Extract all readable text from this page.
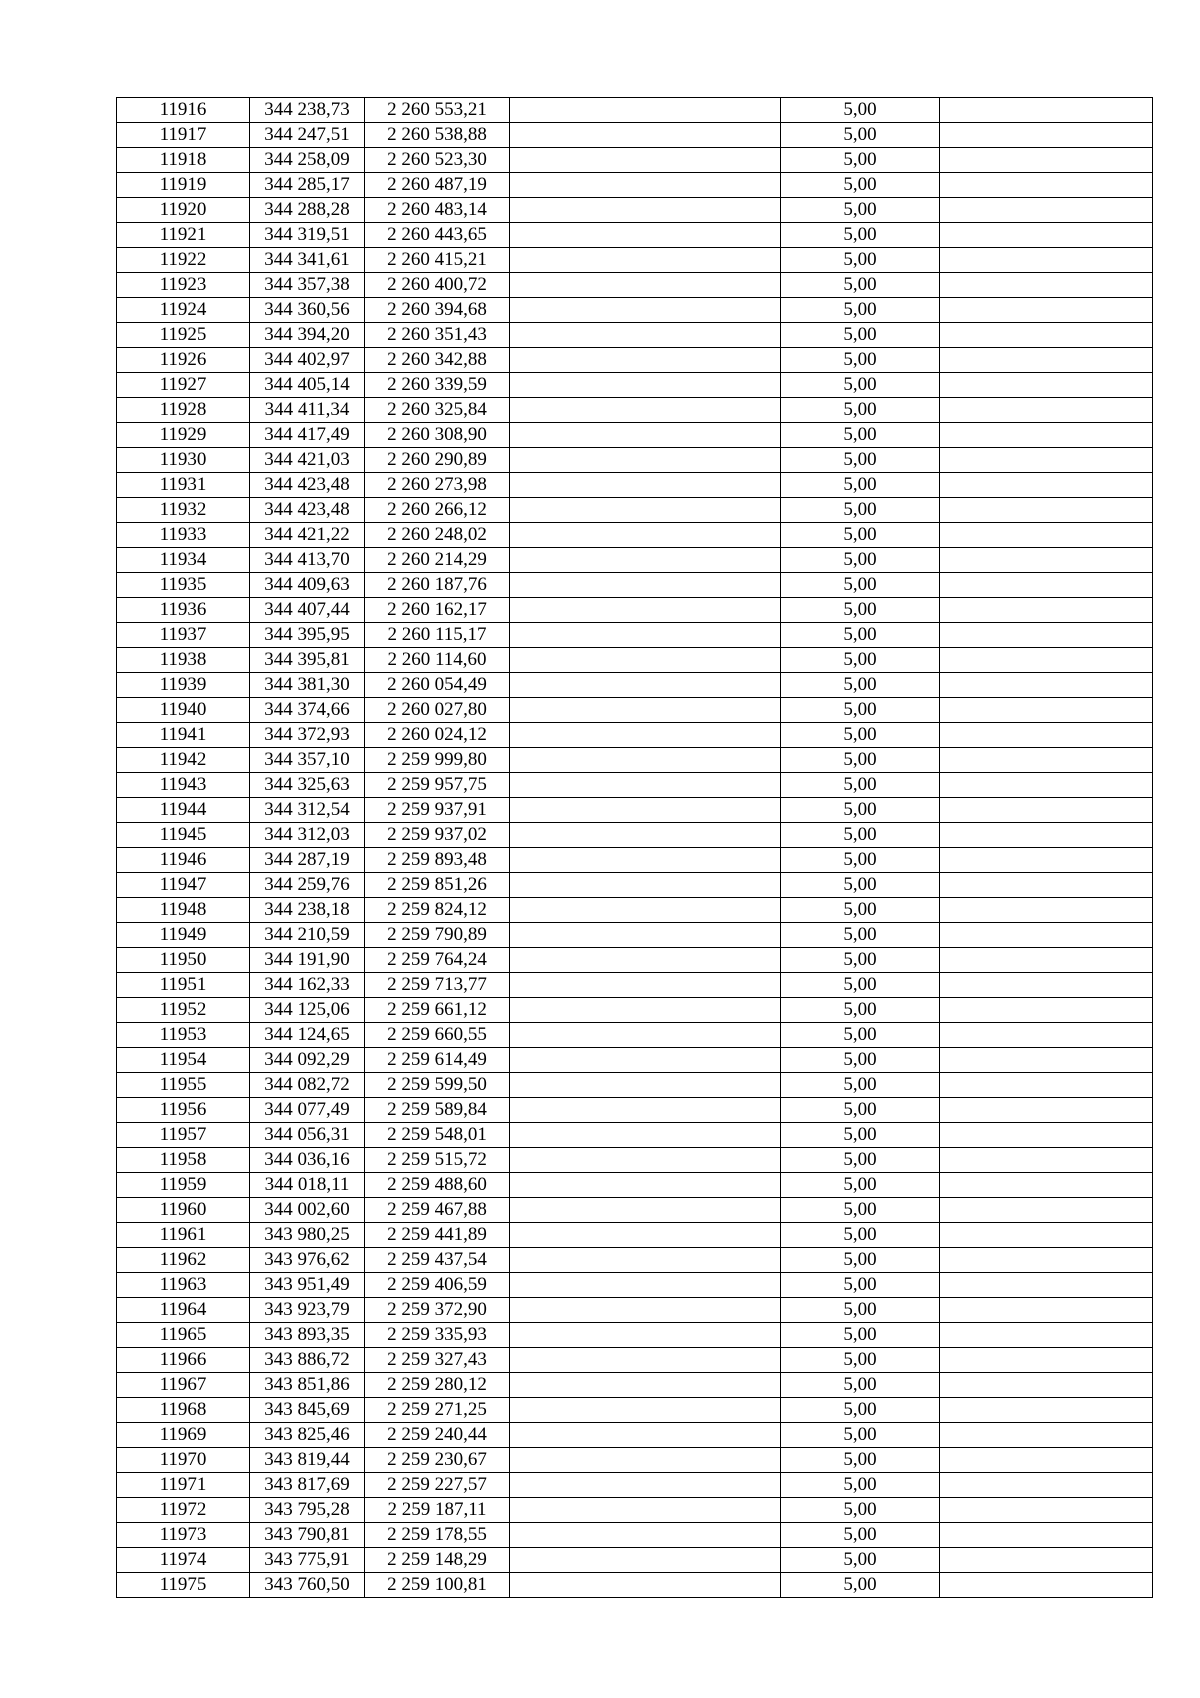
11916	344 238,73	2 260 553,21		5,00	
11917	344 247,51	2 260 538,88		5,00	
11918	344 258,09	2 260 523,30		5,00	
11919	344 285,17	2 260 487,19		5,00	
11920	344 288,28	2 260 483,14		5,00	
11921	344 319,51	2 260 443,65		5,00	
11922	344 341,61	2 260 415,21		5,00	
11923	344 357,38	2 260 400,72		5,00	
11924	344 360,56	2 260 394,68		5,00	
11925	344 394,20	2 260 351,43		5,00	
11926	344 402,97	2 260 342,88		5,00	
11927	344 405,14	2 260 339,59		5,00	
11928	344 411,34	2 260 325,84		5,00	
11929	344 417,49	2 260 308,90		5,00	
11930	344 421,03	2 260 290,89		5,00	
11931	344 423,48	2 260 273,98		5,00	
11932	344 423,48	2 260 266,12		5,00	
11933	344 421,22	2 260 248,02		5,00	
11934	344 413,70	2 260 214,29		5,00	
11935	344 409,63	2 260 187,76		5,00	
11936	344 407,44	2 260 162,17		5,00	
11937	344 395,95	2 260 115,17		5,00	
11938	344 395,81	2 260 114,60		5,00	
11939	344 381,30	2 260 054,49		5,00	
11940	344 374,66	2 260 027,80		5,00	
11941	344 372,93	2 260 024,12		5,00	
11942	344 357,10	2 259 999,80		5,00	
11943	344 325,63	2 259 957,75		5,00	
11944	344 312,54	2 259 937,91		5,00	
11945	344 312,03	2 259 937,02		5,00	
11946	344 287,19	2 259 893,48		5,00	
11947	344 259,76	2 259 851,26		5,00	
11948	344 238,18	2 259 824,12		5,00	
11949	344 210,59	2 259 790,89		5,00	
11950	344 191,90	2 259 764,24		5,00	
11951	344 162,33	2 259 713,77		5,00	
11952	344 125,06	2 259 661,12		5,00	
11953	344 124,65	2 259 660,55		5,00	
11954	344 092,29	2 259 614,49		5,00	
11955	344 082,72	2 259 599,50		5,00	
11956	344 077,49	2 259 589,84		5,00	
11957	344 056,31	2 259 548,01		5,00	
11958	344 036,16	2 259 515,72		5,00	
11959	344 018,11	2 259 488,60		5,00	
11960	344 002,60	2 259 467,88		5,00	
11961	343 980,25	2 259 441,89		5,00	
11962	343 976,62	2 259 437,54		5,00	
11963	343 951,49	2 259 406,59		5,00	
11964	343 923,79	2 259 372,90		5,00	
11965	343 893,35	2 259 335,93		5,00	
11966	343 886,72	2 259 327,43		5,00	
11967	343 851,86	2 259 280,12		5,00	
11968	343 845,69	2 259 271,25		5,00	
11969	343 825,46	2 259 240,44		5,00	
11970	343 819,44	2 259 230,67		5,00	
11971	343 817,69	2 259 227,57		5,00	
11972	343 795,28	2 259 187,11		5,00	
11973	343 790,81	2 259 178,55		5,00	
11974	343 775,91	2 259 148,29		5,00	
11975	343 760,50	2 259 100,81		5,00	
